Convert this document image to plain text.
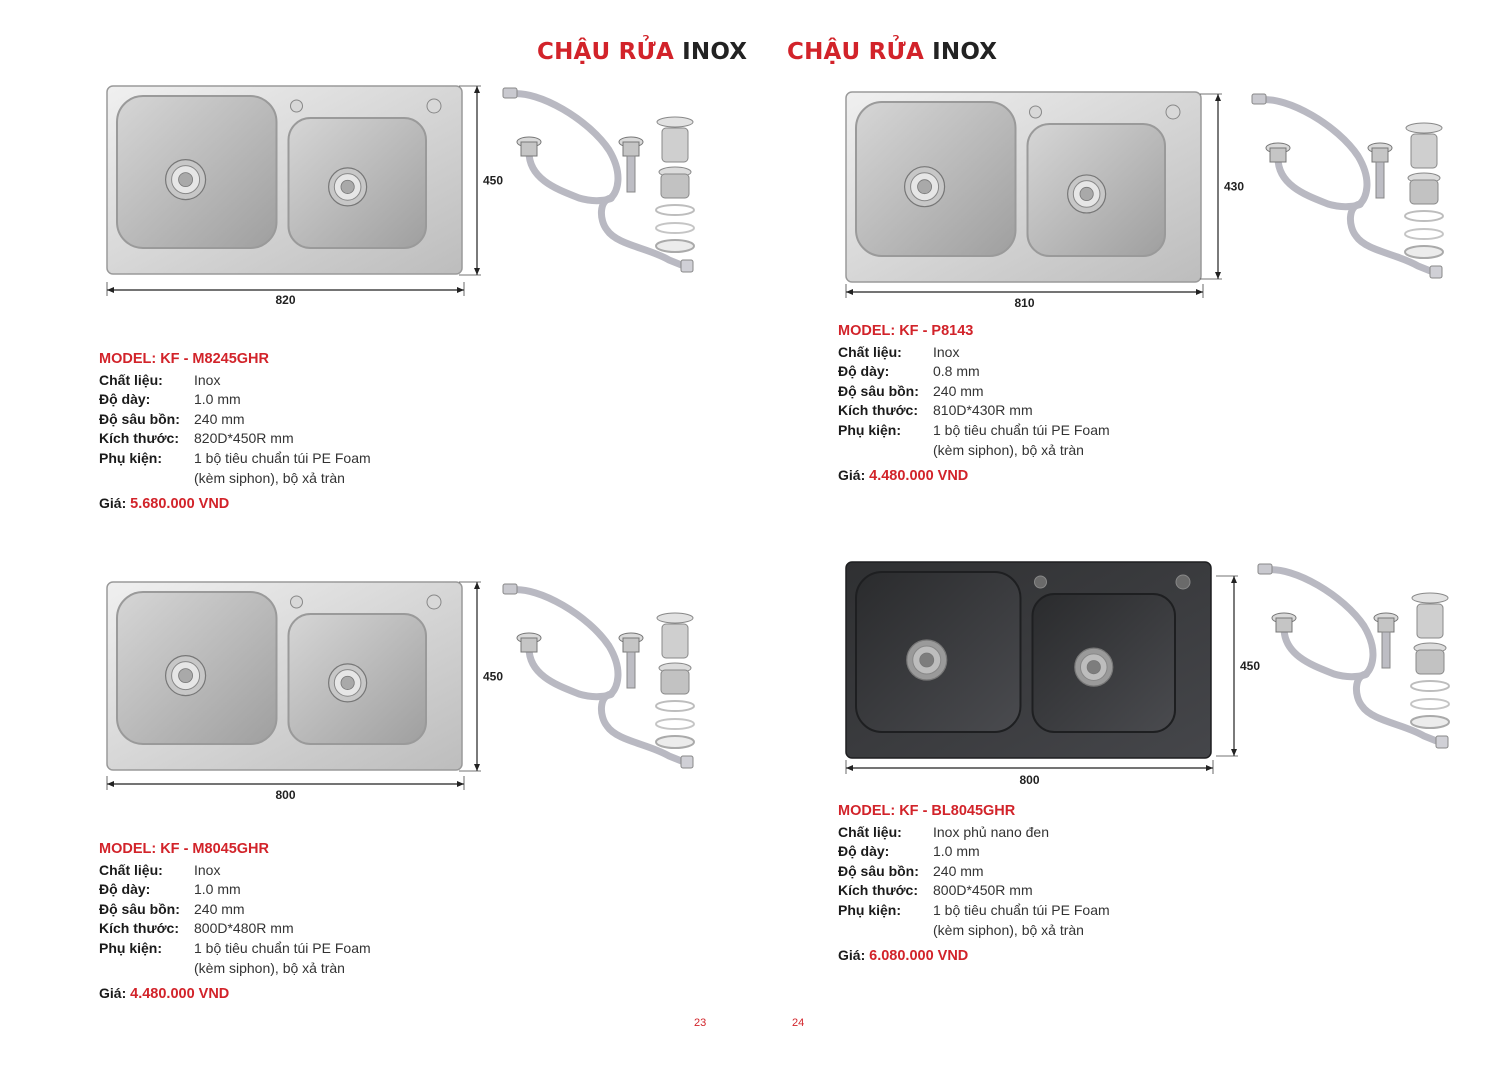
CHẬU RỬA INOX CHẬU RỬA INOX
450
820
MODEL: KF - M8245GHR
Chất liệu:	Inox
Độ dày:	1.0 mm
Độ sâu bồn:	240 mm
Kích thước:	820D*450R mm
Phụ kiện:	1 bộ tiêu chuẩn túi PE Foam (kèm siphon), bộ xả tràn
Giá: 5.680.000 VND
430
810
MODEL: KF - P8143
Chất liệu:	Inox
Độ dày:	0.8 mm
Độ sâu bồn:	240 mm
Kích thước:	810D*430R mm
Phụ kiện:	1 bộ tiêu chuẩn túi PE Foam (kèm siphon), bộ xả tràn
Giá: 4.480.000 VND
450
800
MODEL: KF - M8045GHR
Chất liệu:	Inox
Độ dày:	1.0 mm
Độ sâu bồn:	240 mm
Kích thước:	800D*480R mm
Phụ kiện:	1 bộ tiêu chuẩn túi PE Foam (kèm siphon), bộ xả tràn
Giá: 4.480.000 VND
450
800
MODEL: KF - BL8045GHR
Chất liệu:	Inox phủ nano đen
Độ dày:	1.0 mm
Độ sâu bồn:	240 mm
Kích thước:	800D*450R mm
Phụ kiện:	1 bộ tiêu chuẩn túi PE Foam (kèm siphon), bộ xả tràn
Giá: 6.080.000 VND
23	24
